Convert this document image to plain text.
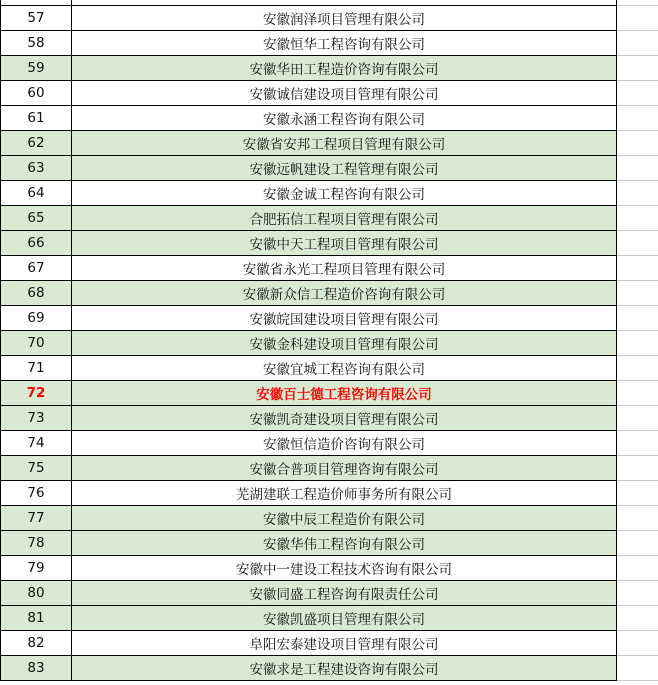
57	安徽润泽项目管理有限公司
58	安徽恒华工程咨询有限公司
59	安徽华田工程造价咨询有限公司
60	安徽诚信建设项目管理有限公司
61	安徽永涵工程咨询有限公司
62	安徽省安邦工程项目管理有限公司
63	安徽远帆建设工程管理有限公司
64	安徽金诚工程咨询有限公司
65	合肥拓信工程项目管理有限公司
66	安徽中天工程项目管理有限公司
67	安徽省永光工程项目管理有限公司
68	安徽新众信工程造价咨询有限公司
69	安徽皖国建设项目管理有限公司
70	安徽金科建设项目管理有限公司
71	安徽宜城工程咨询有限公司
72	安徽百士德工程咨询有限公司
73	安徽凯奇建设项目管理有限公司
74	安徽恒信造价咨询有限公司
75	安徽合普项目管理咨询有限公司
76	芜湖建联工程造价师事务所有限公司
77	安徽中辰工程造价有限公司
78	安徽华伟工程咨询有限公司
79	安徽中一建设工程技术咨询有限公司
80	安徽同盛工程咨询有限责任公司
81	安徽凯盛项目管理有限公司
82	阜阳宏泰建设项目管理有限公司
83	安徽求是工程建设咨询有限公司
